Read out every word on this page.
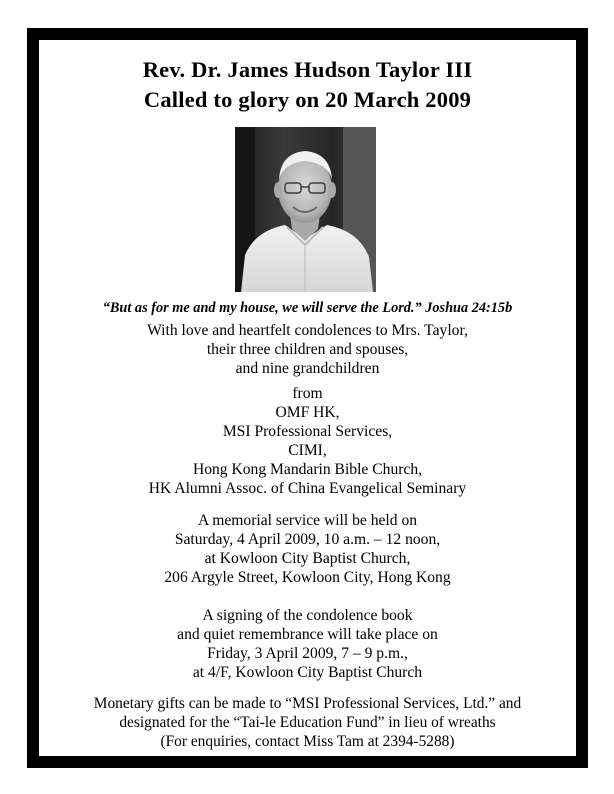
Rev. Dr. James Hudson Taylor III
Called to glory on 20 March 2009
“But as for me and my house, we will serve the Lord.” Joshua 24:15b
With love and heartfelt condolences to Mrs. Taylor,
their three children and spouses,
and nine grandchildren
from
OMF HK,
MSI Professional Services,
CIMI,
Hong Kong Mandarin Bible Church,
HK Alumni Assoc. of China Evangelical Seminary
A memorial service will be held on
Saturday, 4 April 2009, 10 a.m. – 12 noon,
at Kowloon City Baptist Church,
206 Argyle Street, Kowloon City, Hong Kong
A signing of the condolence book
and quiet remembrance will take place on
Friday, 3 April 2009, 7 – 9 p.m.,
at 4/F, Kowloon City Baptist Church
Monetary gifts can be made to “MSI Professional Services, Ltd.” and
designated for the “Tai-le Education Fund” in lieu of wreaths
(For enquiries, contact Miss Tam at 2394-5288)
